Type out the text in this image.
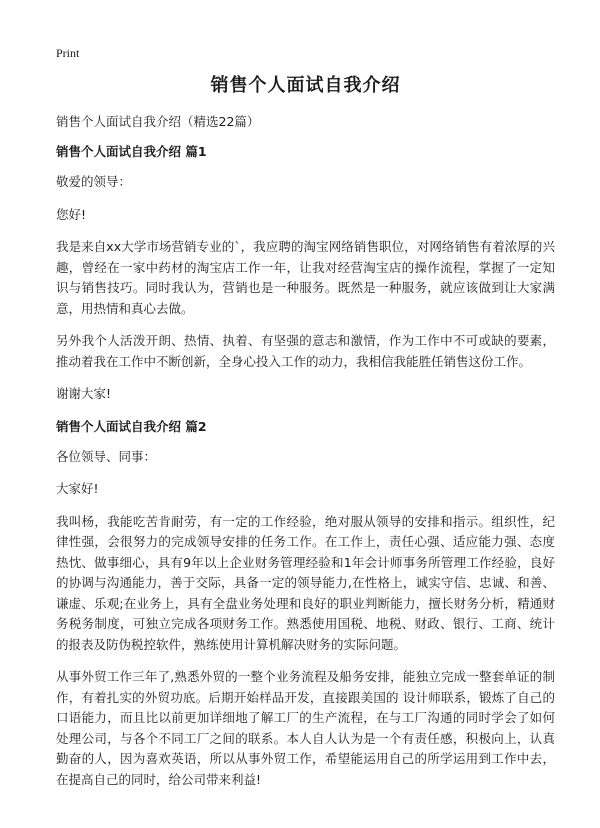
Print
销售个人面试自我介绍
销售个人面试自我介绍（精选22篇）
销售个人面试自我介绍 篇1
敬爱的领导：
您好!
我是来自xx大学市场营销专业的`，我应聘的淘宝网络销售职位，对网络销售有着浓厚的兴趣，曾经在一家中药材的淘宝店工作一年，让我对经营淘宝店的操作流程，掌握了一定知识与销售技巧。同时我认为，营销也是一种服务。既然是一种服务，就应该做到让大家满意，用热情和真心去做。
另外我个人活泼开朗、热情、执着、有坚强的意志和激情，作为工作中不可或缺的要素，推动着我在工作中不断创新，全身心投入工作的动力，我相信我能胜任销售这份工作。
谢谢大家!
销售个人面试自我介绍 篇2
各位领导、同事：
大家好!
我叫杨，我能吃苦肯耐劳，有一定的工作经验，绝对服从领导的安排和指示。组织性，纪律性强，会很努力的完成领导安排的任务工作。在工作上，责任心强、适应能力强、态度热忱、做事细心，具有9年以上企业财务管理经验和1年会计师事务所管理工作经验，良好的协调与沟通能力，善于交际，具备一定的领导能力,在性格上，诚实守信、忠诚、和善、谦虚、乐观;在业务上，具有全盘业务处理和良好的职业判断能力，擅长财务分析，精通财务税务制度，可独立完成各项财务工作。熟悉使用国税、地税、财政、银行、工商、统计的报表及防伪税控软件，熟练使用计算机解决财务的实际问题。
从事外贸工作三年了,熟悉外贸的一整个业务流程及船务安排，能独立完成一整套单证的制作，有着扎实的外贸功底。后期开始样品开发，直接跟美国的 设计师联系，锻炼了自己的口语能力，而且比以前更加详细地了解工厂的生产流程，在与工厂沟通的同时学会了如何处理公司，与各个不同工厂之间的联系。本人自人认为是一个有责任感，积极向上，认真勤奋的人，因为喜欢英语，所以从事外贸工作，希望能运用自己的所学运用到工作中去，在提高自己的同时，给公司带来利益!
